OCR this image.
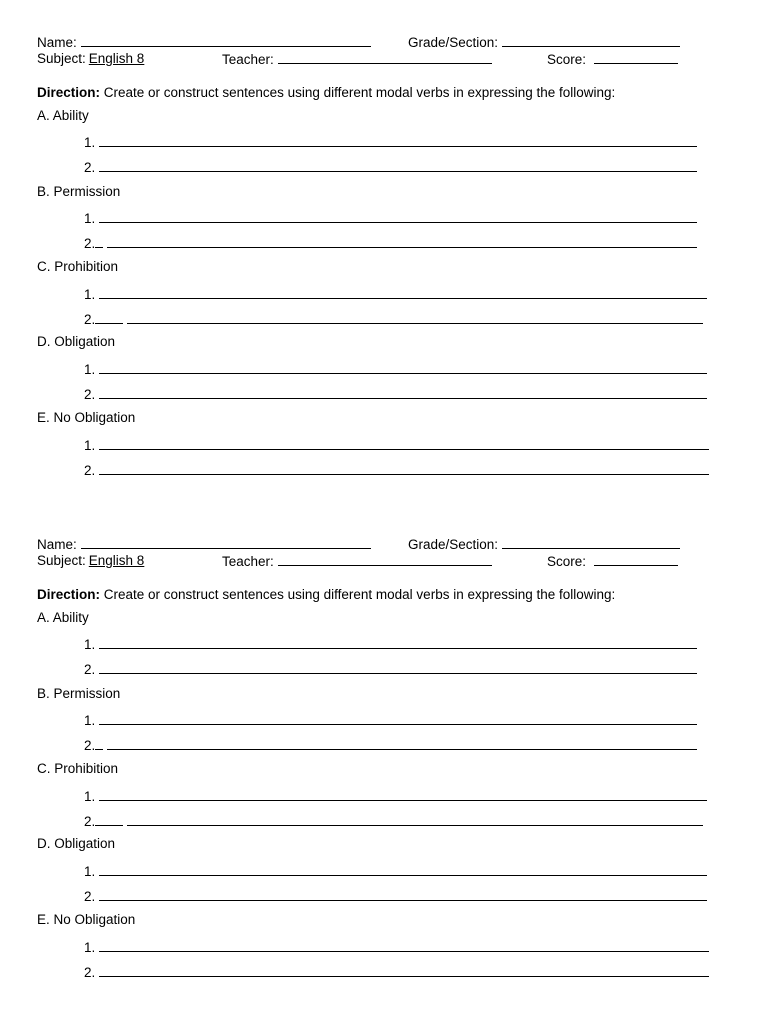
Name:	Grade/Section:
Subject: English 8	Teacher:	Score:
Direction: Create or construct sentences using different modal verbs in expressing the following:
A. Ability
1.
2.
B. Permission
1.
2.
C. Prohibition
1.
2.
D. Obligation
1.
2.
E. No Obligation
1.
2.
Name:	Grade/Section:
Subject: English 8	Teacher:	Score:
Direction: Create or construct sentences using different modal verbs in expressing the following:
A. Ability
1.
2.
B. Permission
1.
2.
C. Prohibition
1.
2.
D. Obligation
1.
2.
E. No Obligation
1.
2.
